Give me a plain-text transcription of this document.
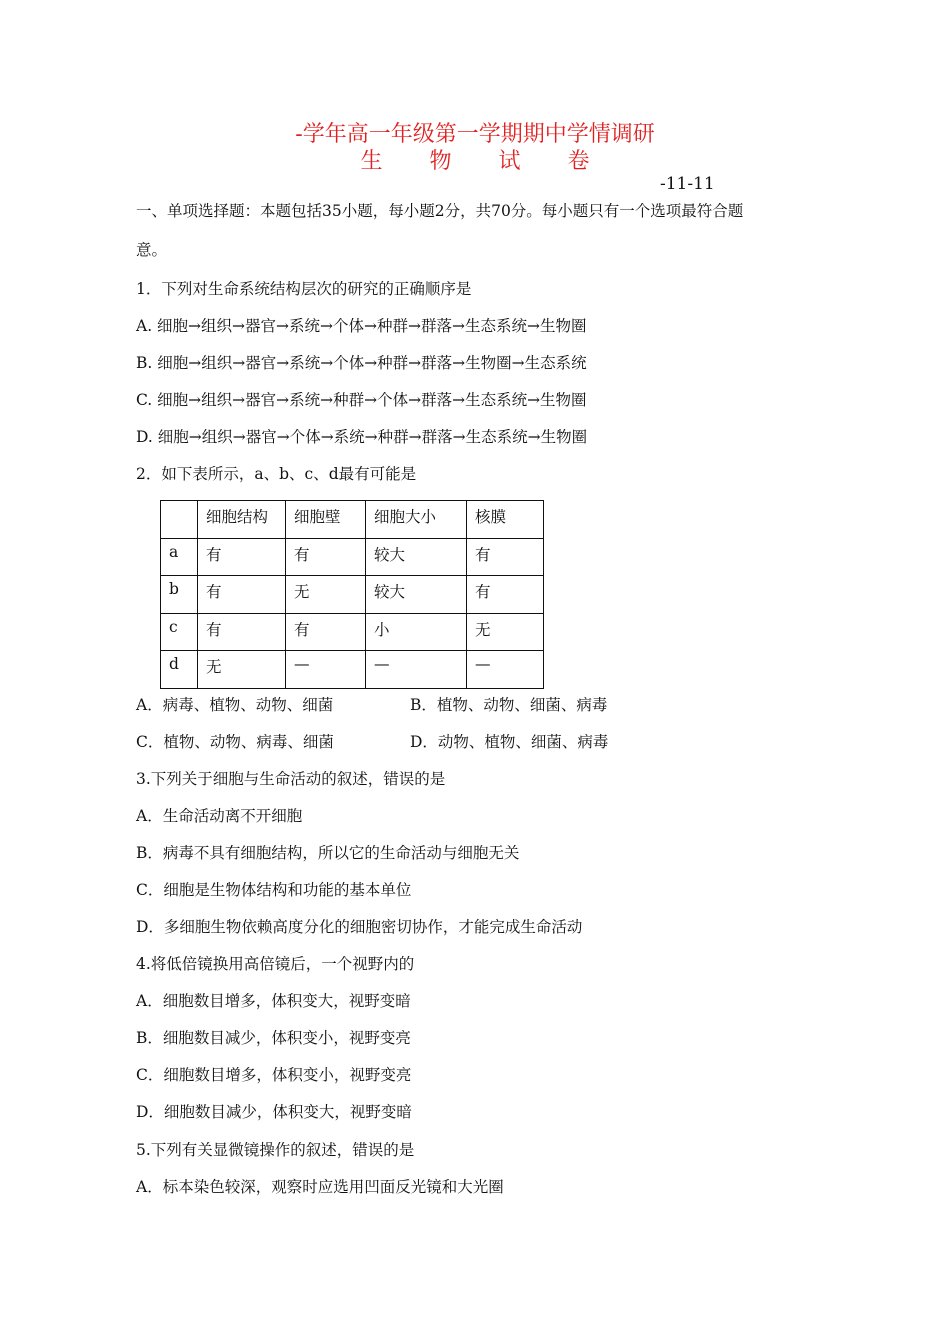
-学年高一年级第一学期期中学情调研
生 物 试 卷
-11-11
一、单项选择题：本题包括35小题，每小题2分，共70分。每小题只有一个选项最符合题
意。
1．下列对生命系统结构层次的研究的正确顺序是
A. 细胞→组织→器官→系统→个体→种群→群落→生态系统→生物圈
B. 细胞→组织→器官→系统→个体→种群→群落→生物圈→生态系统
C. 细胞→组织→器官→系统→种群→个体→群落→生态系统→生物圈
D. 细胞→组织→器官→个体→系统→种群→群落→生态系统→生物圈
2．如下表所示，a、b、c、d最有可能是
	细胞结构	细胞壁	细胞大小	核膜
a	有	有	较大	有
b	有	无	较大	有
c	有	有	小	无
d	无	—	—	—
A．病毒、植物、动物、细菌	B．植物、动物、细菌、病毒
C．植物、动物、病毒、细菌	D．动物、植物、细菌、病毒
3.下列关于细胞与生命活动的叙述，错误的是
A．生命活动离不开细胞
B．病毒不具有细胞结构，所以它的生命活动与细胞无关
C．细胞是生物体结构和功能的基本单位
D．多细胞生物依赖高度分化的细胞密切协作，才能完成生命活动
4.将低倍镜换用高倍镜后，一个视野内的
A．细胞数目增多，体积变大，视野变暗
B．细胞数目减少，体积变小，视野变亮
C．细胞数目增多，体积变小，视野变亮
D．细胞数目减少，体积变大，视野变暗
5.下列有关显微镜操作的叙述，错误的是
A．标本染色较深，观察时应选用凹面反光镜和大光圈
